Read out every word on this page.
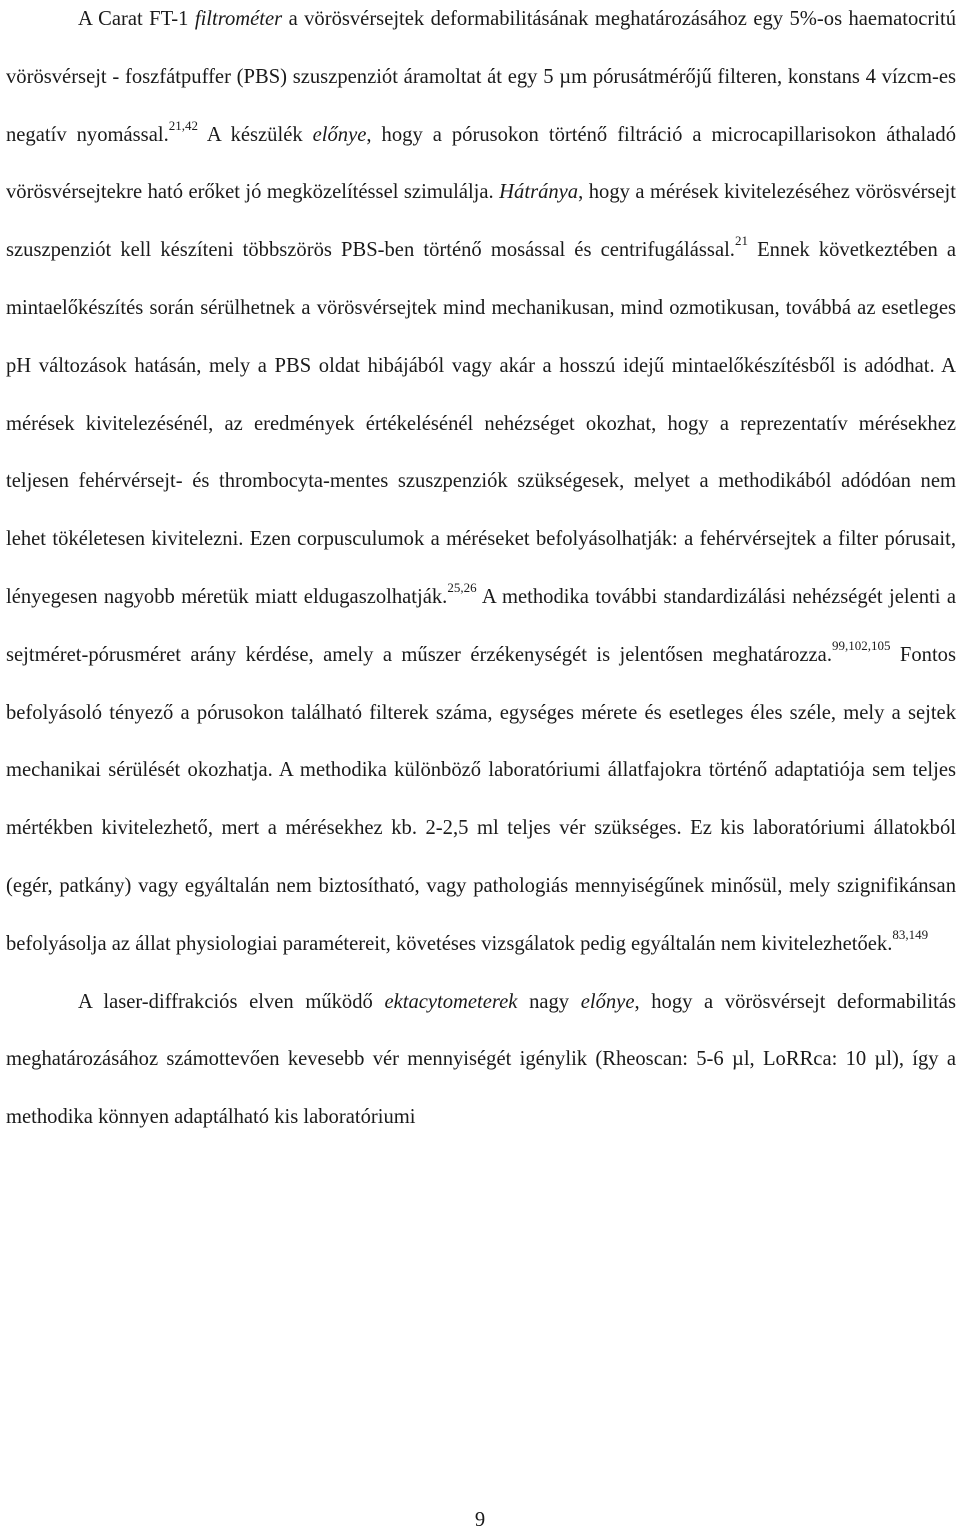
A Carat FT-1 filtrométer a vörösvérsejtek deformabilitásának meghatározásához egy 5%-os haematocritú vörösvérsejt - foszfátpuffer (PBS) szuszpenziót áramoltat át egy 5 µm pórusátmérőjű filteren, konstans 4 vízcm-es negatív nyomással.$^{21,42}$ A készülék előnye, hogy a pórusokon történő filtráció a microcapillarisokon áthaladó vörösvérsejtekre ható erőket jó megközelítéssel szimulálja. Hátránya, hogy a mérések kivitelezéséhez vörösvérsejt szuszpenziót kell készíteni többszörös PBS-ben történő mosással és centrifugálással.$^{21}$ Ennek következtében a mintaelőkészítés során sérülhetnek a vörösvérsejtek mind mechanikusan, mind ozmotikusan, továbbá az esetleges pH változások hatásán, mely a PBS oldat hibájából vagy akár a hosszú idejű mintaelőkészítésből is adódhat. A mérések kivitelezésénél, az eredmények értékelésénél nehézséget okozhat, hogy a reprezentatív mérésekhez teljesen fehérvérsejt- és thrombocyta-mentes szuszpenziók szükségesek, melyet a methodikából adódóan nem lehet tökéletesen kivitelezni. Ezen corpusculumok a méréseket befolyásolhatják: a fehérvérsejtek a filter pórusait, lényegesen nagyobb méretük miatt eldugaszolhatják.$^{25,26}$ A methodika további standardizálási nehézségét jelenti a sejtméret-pórusméret arány kérdése, amely a műszer érzékenységét is jelentősen meghatározza.$^{99,102,105}$ Fontos befolyásoló tényező a pórusokon található filterek száma, egységes mérete és esetleges éles széle, mely a sejtek mechanikai sérülését okozhatja. A methodika különböző laboratóriumi állatfajokra történő adaptatiója sem teljes mértékben kivitelezhető, mert a mérésekhez kb. 2-2,5 ml teljes vér szükséges. Ez kis laboratóriumi állatokból (egér, patkány) vagy egyáltalán nem biztosítható, vagy pathologiás mennyiségűnek minősül, mely szignifikánsan befolyásolja az állat physiologiai paramétereit, követéses vizsgálatok pedig egyáltalán nem kivitelezhetőek.$^{83,149}$

A laser-diffrakciós elven működő ektacytometerek nagy előnye, hogy a vörösvérsejt deformabilitás meghatározásához számottevően kevesebb vér mennyiségét igénylik (Rheoscan: 5-6 µl, LoRRca: 10 µl), így a methodika könnyen adaptálható kis laboratóriumi

9
